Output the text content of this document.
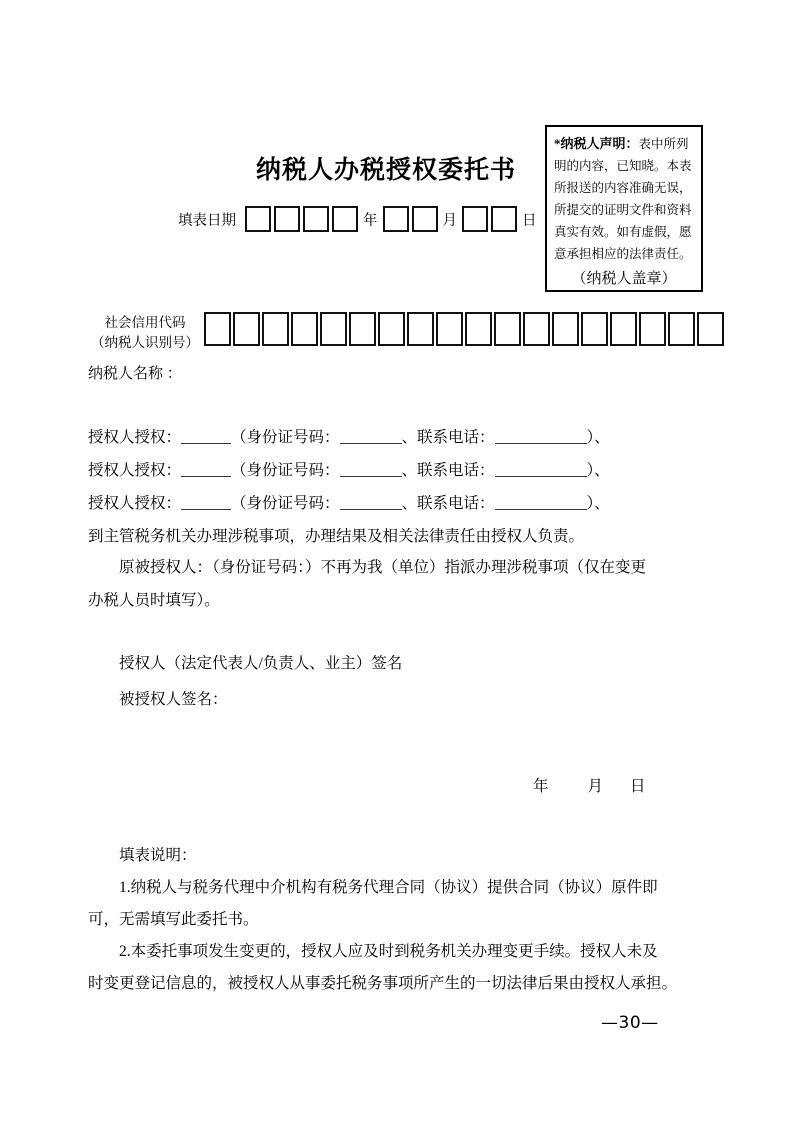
纳税人办税授权委托书
*纳税人声明：表中所列
明的内容，已知晓。本表
所报送的内容准确无误，
所提交的证明文件和资料
真实有效。如有虚假，愿
意承担相应的法律责任。
（纳税人盖章）
填表日期	年	月	日
社会信用代码
（纳税人识别号）
纳税人名称 ：
授权人授权：	（身份证号码：	、联系电话：	）、
授权人授权：	（身份证号码：	、联系电话：	）、
授权人授权：	（身份证号码：	、联系电话：	）、
到主管税务机关办理涉税事项，办理结果及相关法律责任由授权人负责。
原被授权人：（身份证号码：）不再为我（单位）指派办理涉税事项（仅在变更
办税人员时填写）。
授权人（法定代表人/负责人、业主）签名
被授权人签名：
年	月 日
填表说明：
1.纳税人与税务代理中介机构有税务代理合同（协议）提供合同（协议）原件即
可，无需填写此委托书。
2.本委托事项发生变更的，授权人应及时到税务机关办理变更手续。授权人未及
时变更登记信息的，被授权人从事委托税务事项所产生的一切法律后果由授权人承担。
—30—
